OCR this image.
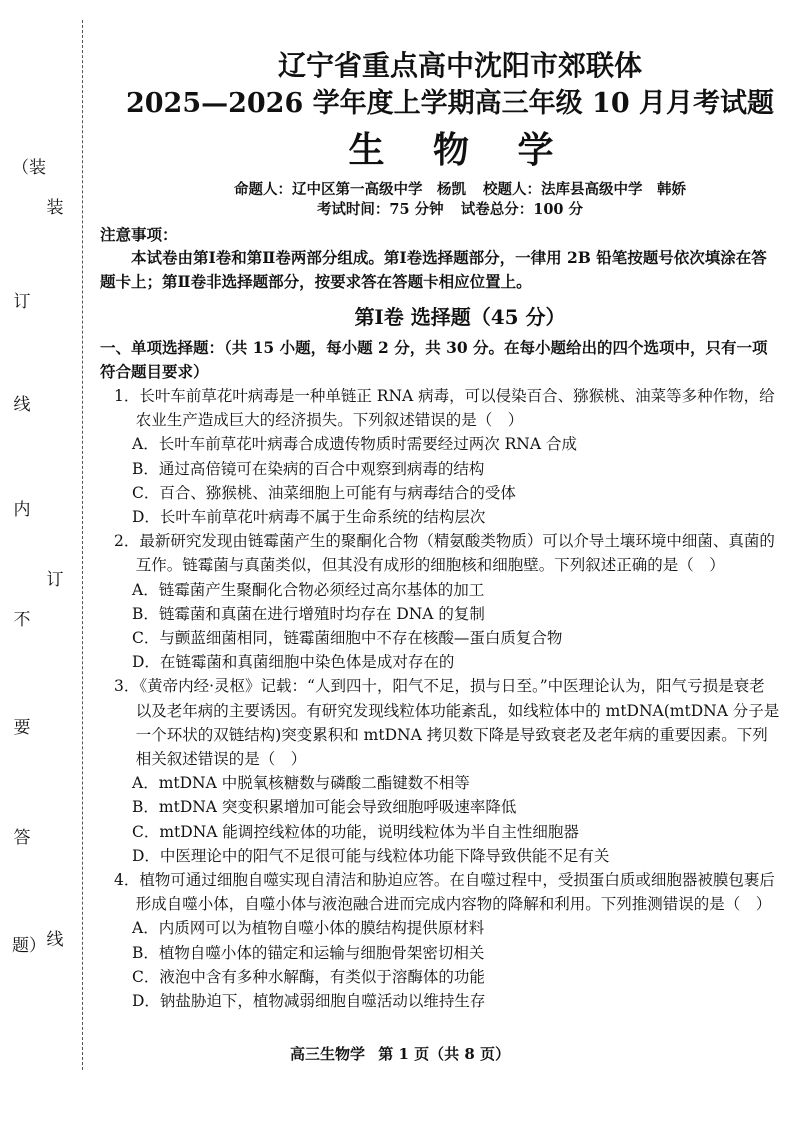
（装
订
线
内
不
要
答
题）
装
订
线
辽宁省重点高中沈阳市郊联体
2025—2026 学年度上学期高三年级 10 月月考试题
生 物 学
命题人：辽中区第一高级中学　杨凯 校题人：法库县高级中学　韩娇
考试时间：75 分钟 试卷总分：100 分
注意事项：
本试卷由第Ⅰ卷和第Ⅱ卷两部分组成。第Ⅰ卷选择题部分，一律用 2B 铅笔按题号依次填涂在答题卡上；第Ⅱ卷非选择题部分，按要求答在答题卡相应位置上。
第Ⅰ卷 选择题（45 分）
一、单项选择题：（共 15 小题，每小题 2 分，共 30 分。在每小题给出的四个选项中，只有一项符合题目要求）
1．长叶车前草花叶病毒是一种单链正 RNA 病毒，可以侵染百合、猕猴桃、油菜等多种作物，给农业生产造成巨大的经济损失。下列叙述错误的是（　）
A．长叶车前草花叶病毒合成遗传物质时需要经过两次 RNA 合成
B．通过高倍镜可在染病的百合中观察到病毒的结构
C．百合、猕猴桃、油菜细胞上可能有与病毒结合的受体
D．长叶车前草花叶病毒不属于生命系统的结构层次
2．最新研究发现由链霉菌产生的聚酮化合物（精氨酸类物质）可以介导土壤环境中细菌、真菌的互作。链霉菌与真菌类似，但其没有成形的细胞核和细胞壁。下列叙述正确的是（　）
A．链霉菌产生聚酮化合物必须经过高尔基体的加工
B．链霉菌和真菌在进行增殖时均存在 DNA 的复制
C．与颤蓝细菌相同，链霉菌细胞中不存在核酸—蛋白质复合物
D．在链霉菌和真菌细胞中染色体是成对存在的
3．《黄帝内经·灵枢》记载：“人到四十，阳气不足，损与日至。”中医理论认为，阳气亏损是衰老以及老年病的主要诱因。有研究发现线粒体功能紊乱，如线粒体中的 mtDNA(mtDNA 分子是一个环状的双链结构)突变累积和 mtDNA 拷贝数下降是导致衰老及老年病的重要因素。下列相关叙述错误的是（　）
A．mtDNA 中脱氧核糖数与磷酸二酯键数不相等
B．mtDNA 突变积累增加可能会导致细胞呼吸速率降低
C．mtDNA 能调控线粒体的功能，说明线粒体为半自主性细胞器
D．中医理论中的阳气不足很可能与线粒体功能下降导致供能不足有关
4．植物可通过细胞自噬实现自清洁和胁迫应答。在自噬过程中，受损蛋白质或细胞器被膜包裹后形成自噬小体，自噬小体与液泡融合进而完成内容物的降解和利用。下列推测错误的是（　）
A．内质网可以为植物自噬小体的膜结构提供原材料
B．植物自噬小体的锚定和运输与细胞骨架密切相关
C．液泡中含有多种水解酶，有类似于溶酶体的功能
D．钠盐胁迫下，植物减弱细胞自噬活动以维持生存
高三生物学 第 1 页（共 8 页）
